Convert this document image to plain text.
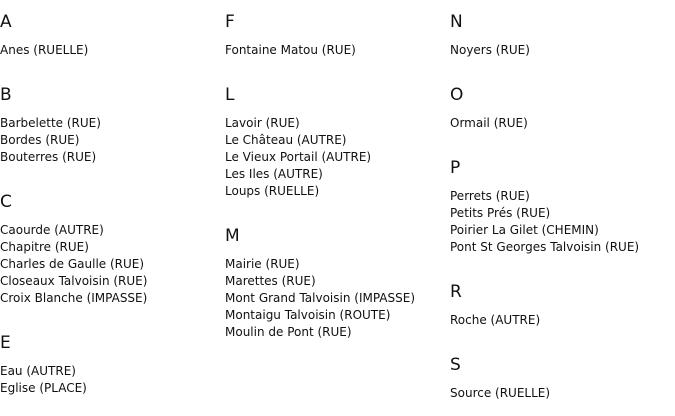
A
Anes (RUELLE)
B
Barbelette (RUE)
Bordes (RUE)
Bouterres (RUE)
C
Caourde (AUTRE)
Chapitre (RUE)
Charles de Gaulle (RUE)
Closeaux Talvoisin (RUE)
Croix Blanche (IMPASSE)
E
Eau (AUTRE)
Eglise (PLACE)
F
Fontaine Matou (RUE)
L
Lavoir (RUE)
Le Château (AUTRE)
Le Vieux Portail (AUTRE)
Les Iles (AUTRE)
Loups (RUELLE)
M
Mairie (RUE)
Marettes (RUE)
Mont Grand Talvoisin (IMPASSE)
Montaigu Talvoisin (ROUTE)
Moulin de Pont (RUE)
N
Noyers (RUE)
O
Ormail (RUE)
P
Perrets (RUE)
Petits Prés (RUE)
Poirier La Gilet (CHEMIN)
Pont St Georges Talvoisin (RUE)
R
Roche (AUTRE)
S
Source (RUELLE)
